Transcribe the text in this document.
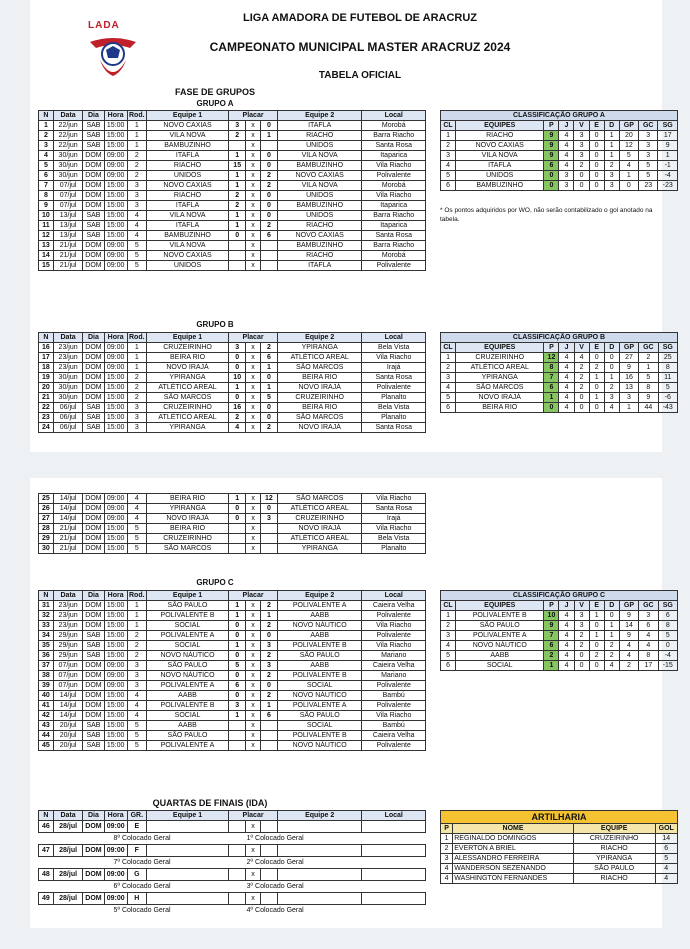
LADA
LIGA AMADORA DE FUTEBOL DE ARACRUZ
CAMPEONATO MUNICIPAL MASTER ARACRUZ 2024
TABELA OFICIAL
FASE DE GRUPOS
GRUPO A
GRUPO B
GRUPO C
QUARTAS DE FINAIS (IDA)
N	Data	Dia	Hora	Rod.	Equipe 1	Placar			Equipe 2	Local
1	22/jun	SAB	15:00	1	NOVO CAXIAS	3	x	0	ITAFLA	Morobá
2	22/jun	SAB	15:00	1	VILA NOVA	2	x	1	RIACHO	Barra Riacho
3	22/jun	SAB	15:00	1	BAMBUZINHO		x		UNIDOS	Santa Rosa
4	30/jun	DOM	09:00	2	ITAFLA	1	x	0	VILA NOVA	Itaparica
5	30/jun	DOM	09:00	2	RIACHO	15	x	0	BAMBUZINHO	Vila Riacho
6	30/jun	DOM	09:00	2	UNIDOS	1	x	2	NOVO CAXIAS	Polivalente
7	07/jul	DOM	15:00	3	NOVO CAXIAS	1	x	2	VILA NOVA	Morobá
8	07/jul	DOM	15:00	3	RIACHO	2	x	0	UNIDOS	Vila Riacho
9	07/jul	DOM	15:00	3	ITAFLA	2	x	0	BAMBUZINHO	Itaparica
10	13/jul	SAB	15:00	4	VILA NOVA	1	x	0	UNIDOS	Barra Riacho
11	13/jul	SAB	15:00	4	ITAFLA	1	x	2	RIACHO	Itaparica
12	13/jul	SAB	15:00	4	BAMBUZINHO	0	x	6	NOVO CAXIAS	Santa Rosa
13	21/jul	DOM	09:00	5	VILA NOVA		x		BAMBUZINHO	Barra Riacho
14	21/jul	DOM	09:00	5	NOVO CAXIAS		x		RIACHO	Morobá
15	21/jul	DOM	09:00	5	UNIDOS		x		ITAFLA	Polivalente
CLASSIFICAÇÃO GRUPO A									
CL	EQUIPES	P	J	V	E	D	GP	GC	SG
1	RIACHO	9	4	3	0	1	20	3	17
2	NOVO CAXIAS	9	4	3	0	1	12	3	9
3	VILA NOVA	9	4	3	0	1	5	3	1
4	ITAFLA	6	4	2	0	2	4	5	-1
5	UNIDOS	0	3	0	0	3	1	5	-4
6	BAMBUZINHO	0	3	0	0	3	0	23	-23
* Os pontos adquiridos por WO, não serão contabilizado o gol anotado na tabela.
N	Data	Dia	Hora	Rod.	Equipe 1	Placar			Equipe 2	Local
16	23/jun	DOM	09:00	1	CRUZEIRINHO	3	x	2	YPIRANGA	Bela Vista
17	23/jun	DOM	09:00	1	BEIRA RIO	0	x	6	ATLÉTICO AREAL	Vila Riacho
18	23/jun	DOM	09:00	1	NOVO IRAJÁ	0	x	1	SÃO MARCOS	Irajá
19	30/jun	DOM	15:00	2	YPIRANGA	10	x	0	BEIRA RIO	Santa Rosa
20	30/jun	DOM	15:00	2	ATLÉTICO AREAL	1	x	1	NOVO IRAJÁ	Polivalente
21	30/jun	DOM	15:00	2	SÃO MARCOS	0	x	5	CRUZEIRINHO	Planalto
22	06/jul	SAB	15:00	3	CRUZEIRINHO	16	x	0	BEIRA RIO	Bela Vista
23	06/jul	SAB	15:00	3	ATLÉTICO AREAL	2	x	0	SÃO MARCOS	Planalto
24	06/jul	SAB	15:00	3	YPIRANGA	4	x	2	NOVO IRAJÁ	Santa Rosa
CLASSIFICAÇÃO GRUPO B									
CL	EQUIPES	P	J	V	E	D	GP	GC	SG
1	CRUZEIRINHO	12	4	4	0	0	27	2	25
2	ATLÉTICO AREAL	8	4	2	2	0	9	1	8
3	YPIRANGA	7	4	2	1	1	16	5	11
4	SÃO MARCOS	6	4	2	0	2	13	8	5
5	NOVO IRAJÁ	1	4	0	1	3	3	9	-6
6	BEIRA RIO	0	4	0	0	4	1	44	-43
25	14/jul	DOM	09:00	4	BEIRA RIO	1	x	12	SÃO MARCOS	Vila Riacho
26	14/jul	DOM	09:00	4	YPIRANGA	0	x	0	ATLÉTICO AREAL	Santa Rosa
27	14/jul	DOM	09:00	4	NOVO IRAJÁ	0	x	3	CRUZEIRINHO	Irajá
28	21/jul	DOM	15:00	5	BEIRA RIO		x		NOVO IRAJÁ	Vila Riacho
29	21/jul	DOM	15:00	5	CRUZEIRINHO		x		ATLÉTICO AREAL	Bela Vista
30	21/jul	DOM	15:00	5	SÃO MARCOS		x		YPIRANGA	Planalto
N	Data	Dia	Hora	Rod.	Equipe 1	Placar			Equipe 2	Local
31	23/jun	DOM	15:00	1	SÃO PAULO	1	x	2	POLIVALENTE A	Caieira Velha
32	23/jun	DOM	15:00	1	POLIVALENTE B	1	x	1	AABB	Polivalente
33	23/jun	DOM	15:00	1	SOCIAL	0	x	2	NOVO NÁUTICO	Vila Riacho
34	29/jun	SAB	15:00	2	POLIVALENTE A	0	x	0	AABB	Polivalente
35	29/jun	SAB	15:00	2	SOCIAL	1	x	3	POLIVALENTE B	Vila Riacho
36	29/jun	SAB	15:00	2	NOVO NÁUTICO	0	x	2	SÃO PAULO	Mariano
37	07/jun	DOM	09:00	3	SÃO PAULO	5	x	3	AABB	Caieira Velha
38	07/jun	DOM	09:00	3	NOVO NÁUTICO	0	x	2	POLIVALENTE B	Mariano
39	07/jun	DOM	09:00	3	POLIVALENTE A	6	x	0	SOCIAL	Polivalente
40	14/jul	DOM	15:00	4	AABB	0	x	2	NOVO NÁUTICO	Bambú
41	14/jul	DOM	15:00	4	POLIVALENTE B	3	x	1	POLIVALENTE A	Polivalente
42	14/jul	DOM	15:00	4	SOCIAL	1	x	6	SÃO PAULO	Vila Riacho
43	20/jul	SAB	15:00	5	AABB		x		SOCIAL	Bambú
44	20/jul	SAB	15:00	5	SÃO PAULO		x		POLIVALENTE B	Caieira Velha
45	20/jul	SAB	15:00	5	POLIVALENTE A		x		NOVO NÁUTICO	Polivalente
CLASSIFICAÇÃO GRUPO C									
CL	EQUIPES	P	J	V	E	D	GP	GC	SG
1	POLIVALENTE B	10	4	3	1	0	9	3	6
2	SÃO PAULO	9	4	3	0	1	14	6	8
3	POLIVALENTE A	7	4	2	1	1	9	4	5
4	NOVO NÁUTICO	6	4	2	0	2	4	4	0
5	AABB	2	4	0	2	2	4	8	-4
6	SOCIAL	1	4	0	0	4	2	17	-15
N	Data	Dia	Hora	GR.	Equipe 1	Placar			Equipe 2	Local
46	28/jul	DOM	09:00	E			x			
8º Colocado Geral							1º Colocado Geral			
47	28/jul	DOM	09:00	F			x			
7º Colocado Geral							2º Colocado Geral			
48	28/jul	DOM	09:00	G			x			
6º Colocado Geral							3º Colocado Geral			
49	28/jul	DOM	09:00	H			x			
5º Colocado Geral							4º Colocado Geral			
ARTILHARIA			
P	NOME	EQUIPE	GOL
1	REGINALDO DOMINGOS	CRUZEIRINHO	14
2	EVERTON A BRIEL	RIACHO	6
3	ALESSANDRO FERREIRA	YPIRANGA	5
4	WANDERSON SEZENANDO	SÃO PAULO	4
4	WASHINGTON FERNANDES	RIACHO	4
